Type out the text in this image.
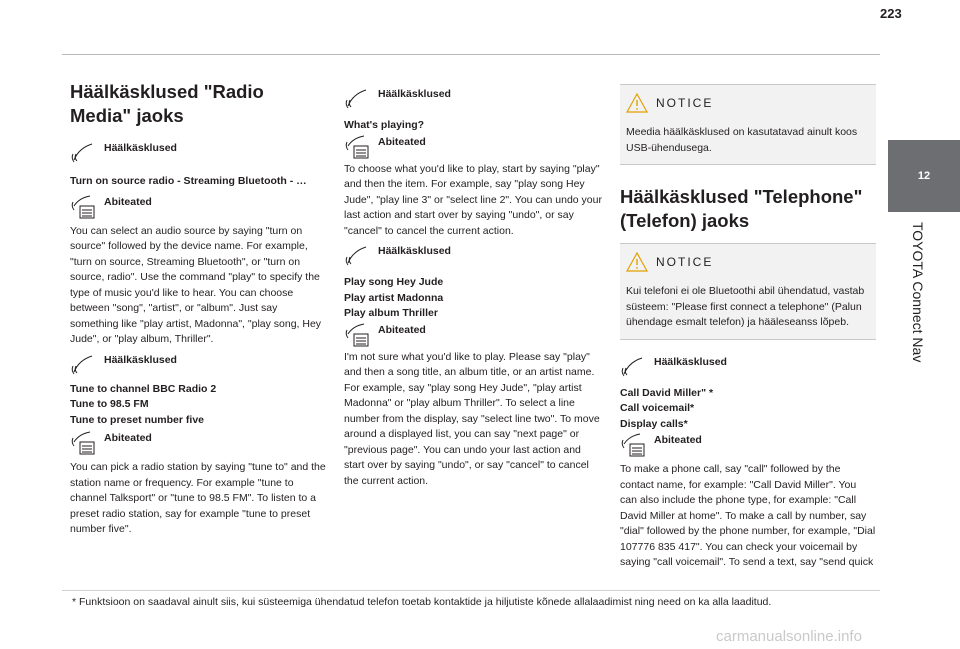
223
12
TOYOTA Connect Nav
Häälkäsklused "Radio Media" jaoks
Häälkäsklused

Turn on source radio - Streaming Bluetooth - …

Abiteated

You can select an audio source by saying "turn on source" followed by the device name. For example, "turn on source, Streaming Bluetooth", or "turn on source, radio". Use the command "play" to specify the type of music you'd like to hear. You can choose between "song", "artist", or "album". Just say something like "play artist, Madonna", "play song, Hey Jude", or "play album, Thriller".

Häälkäsklused

Tune to channel BBC Radio 2
Tune to 98.5 FM
Tune to preset number five

Abiteated

You can pick a radio station by saying "tune to" and the station name or frequency. For example "tune to channel Talksport" or "tune to 98.5 FM". To listen to a preset radio station, say for example "tune to preset number five".

Häälkäsklused

What's playing?

Abiteated

To choose what you'd like to play, start by saying "play" and then the item. For example, say "play song Hey Jude", "play line 3" or "select line 2". You can undo your last action and start over by saying "undo", or say "cancel" to cancel the current action.

Häälkäsklused

Play song Hey Jude
Play artist Madonna
Play album Thriller

Abiteated

I'm not sure what you'd like to play. Please say "play" and then a song title, an album title, or an artist name. For example, say "play song Hey Jude", "play artist Madonna" or "play album Thriller". To select a line number from the display, say "select line two". To move around a displayed list, you can say "next page" or "previous page". You can undo your last action and start over by saying "undo", or say "cancel" to cancel the current action.

NOTICE

Meedia häälkäsklused on kasutatavad ainult koos USB-ühendusega.

Häälkäsklused "Telephone" (Telefon) jaoks
NOTICE

Kui telefoni ei ole Bluetoothi abil ühendatud, vastab süsteem: "Please first connect a telephone" (Palun ühendage esmalt telefon) ja hääleseanss lõpeb.

Häälkäsklused

Call David Miller" *
Call voicemail*
Display calls*

Abiteated

To make a phone call, say "call" followed by the contact name, for example: "Call David Miller". You can also include the phone type, for example: "Call David Miller at home". To make a call by number, say "dial" followed by the phone number, for example, "Dial 107776 835 417". You can check your voicemail by saying "call voicemail". To send a text, say "send quick

* Funktsioon on saadaval ainult siis, kui süsteemiga ühendatud telefon toetab kontaktide ja hiljutiste kõnede allalaadimist ning need on ka alla laaditud.
carmanualsonline.info
